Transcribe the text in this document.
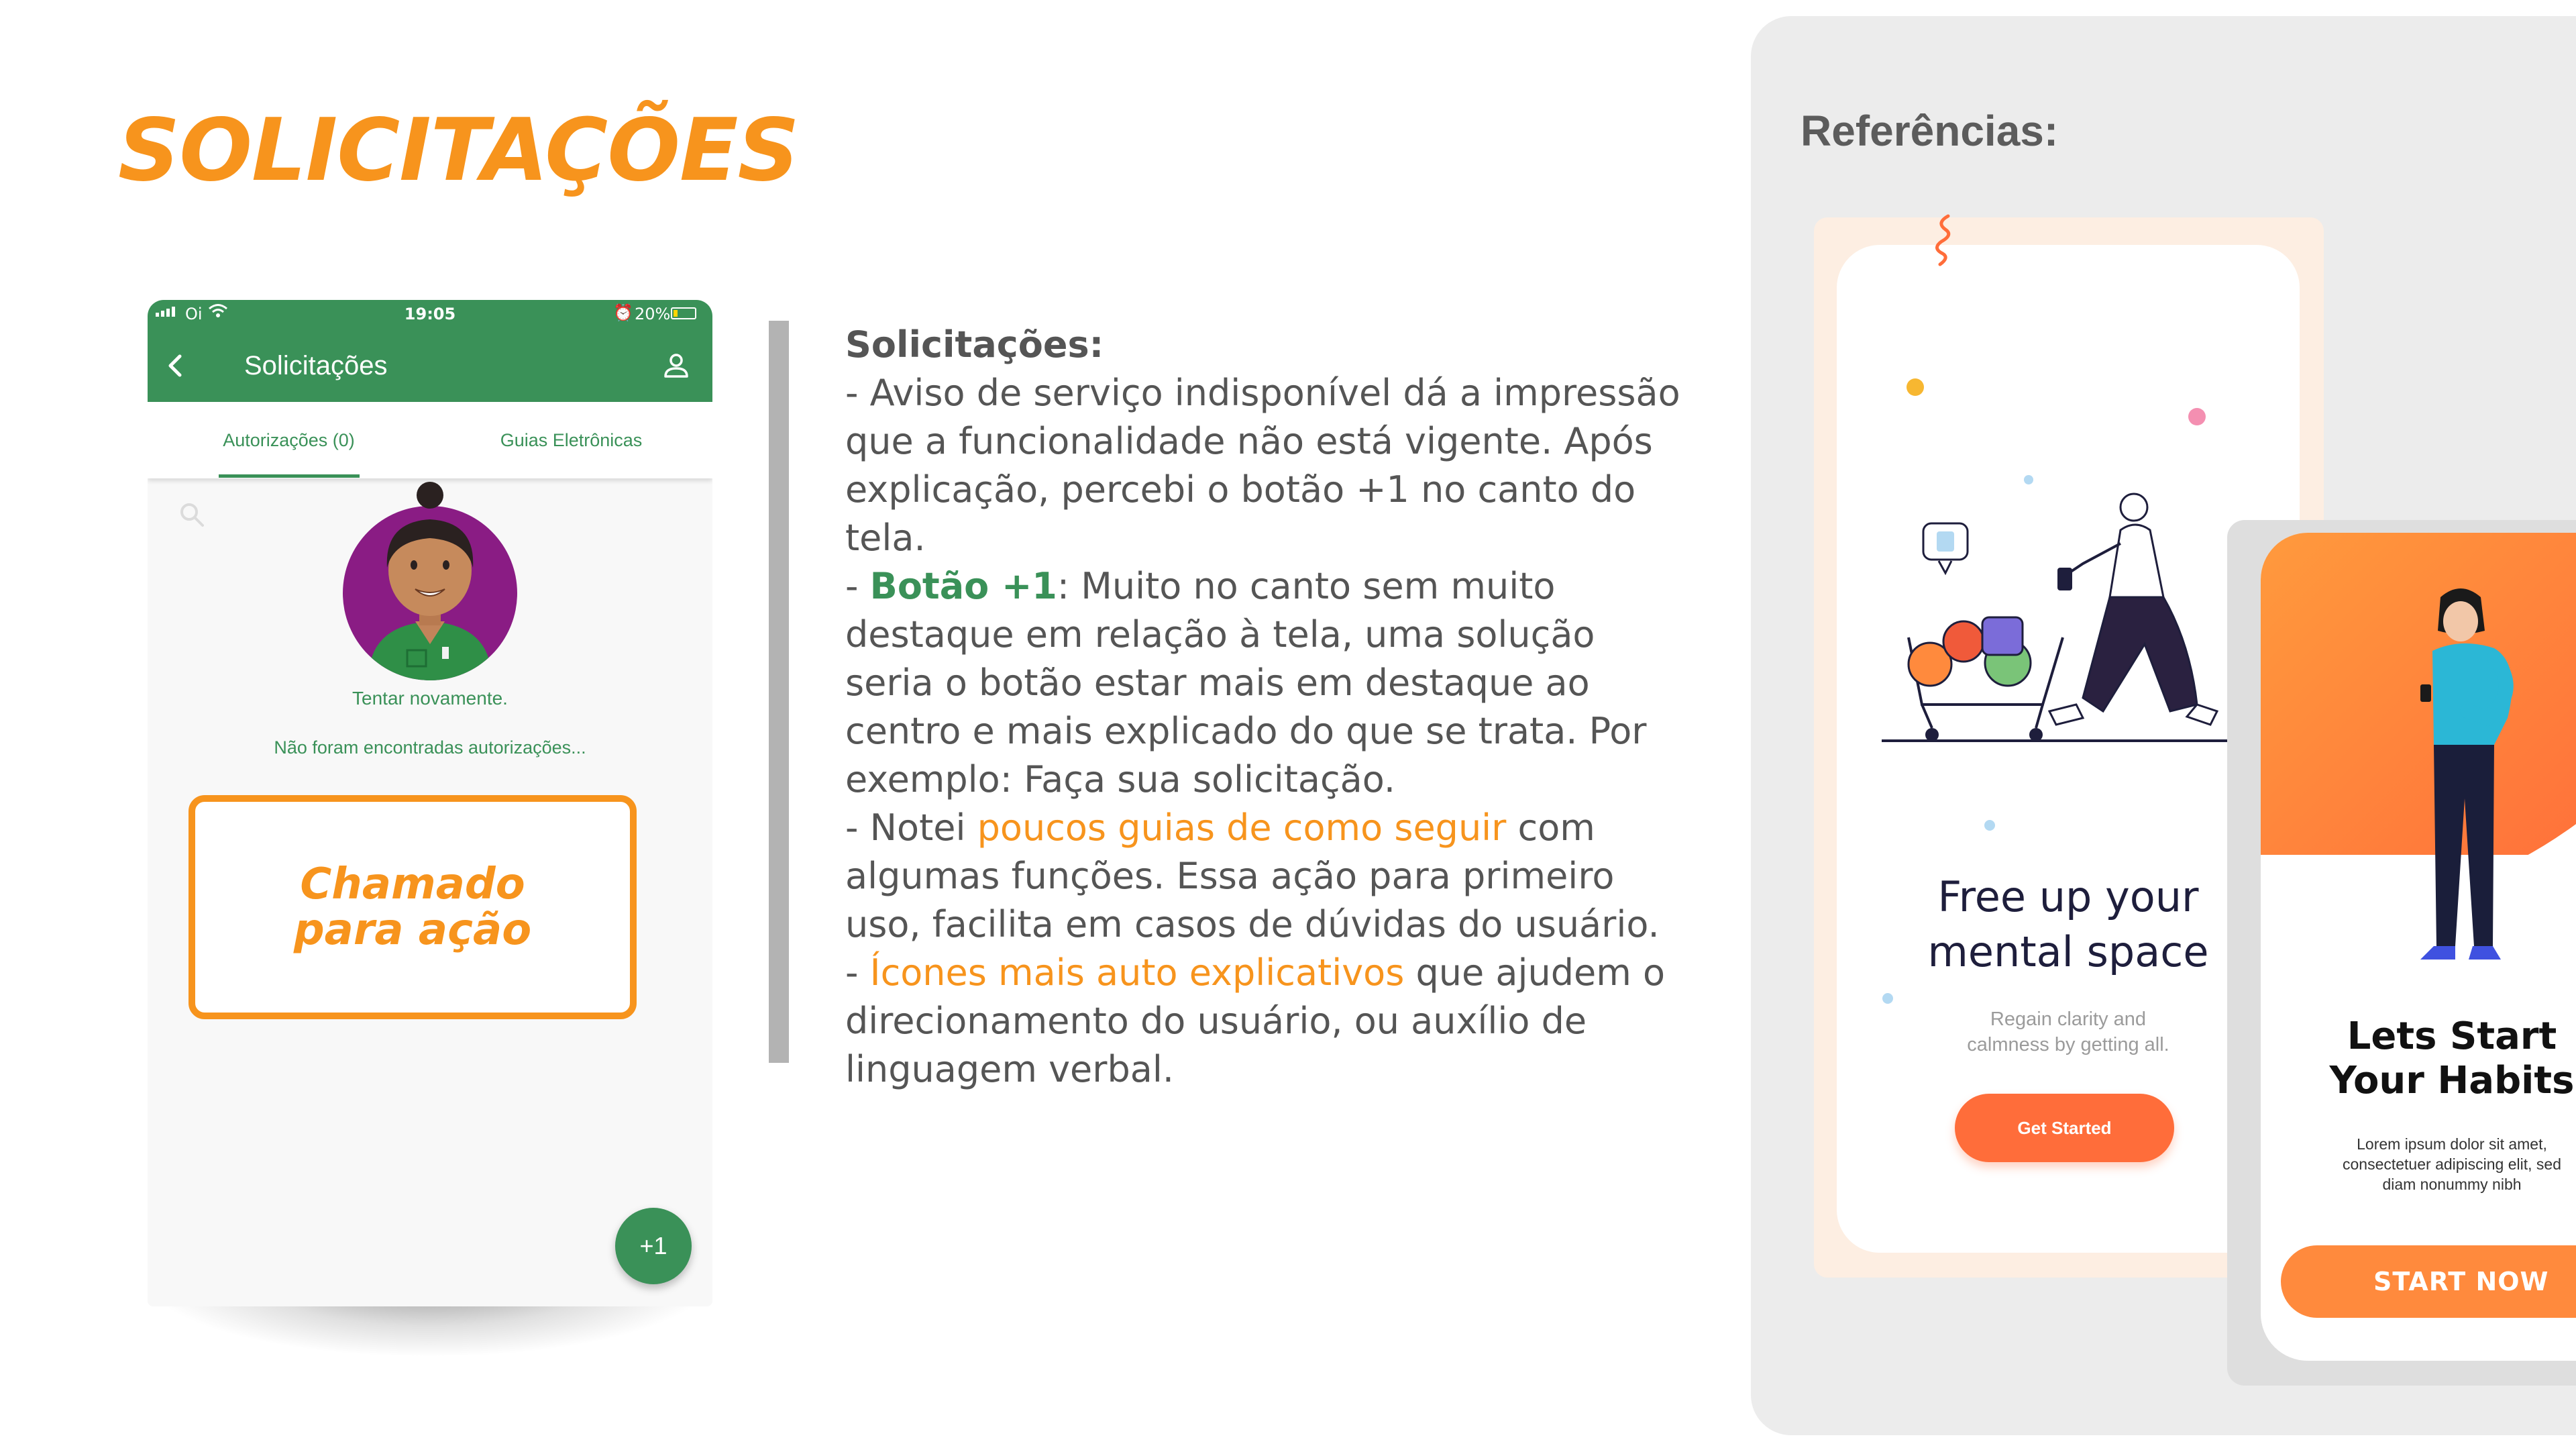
SOLICITAÇÕES
Oi	19:05	⏰ 20%
Solicitações
Autorizações (0)	Guias Eletrônicas
Tentar novamente.
Não foram encontradas autorizações...

Chamado
para ação

+1
Solicitações:
- Aviso de serviço indisponível dá a impressão que a funcionalidade não está vigente. Após explicação, percebi o botão +1 no canto do tela.
- Botão +1: Muito no canto sem muito destaque em relação à tela, uma solução seria o botão estar mais em destaque ao centro e mais explicado do que se trata. Por exemplo: Faça sua solicitação.
- Notei poucos guias de como seguir com algumas funções. Essa ação para primeiro uso, facilita em casos de dúvidas do usuário.
- Ícones mais auto explicativos que ajudem o direcionamento do usuário, ou auxílio de linguagem verbal.
Referências:

Free up your
mental space

Regain clarity and
calmness by getting all.

Get Started

Lets Start
Your Habits

Lorem ipsum dolor sit amet,
consectetuer adipiscing elit, sed
diam nonummy nibh

START NOW
